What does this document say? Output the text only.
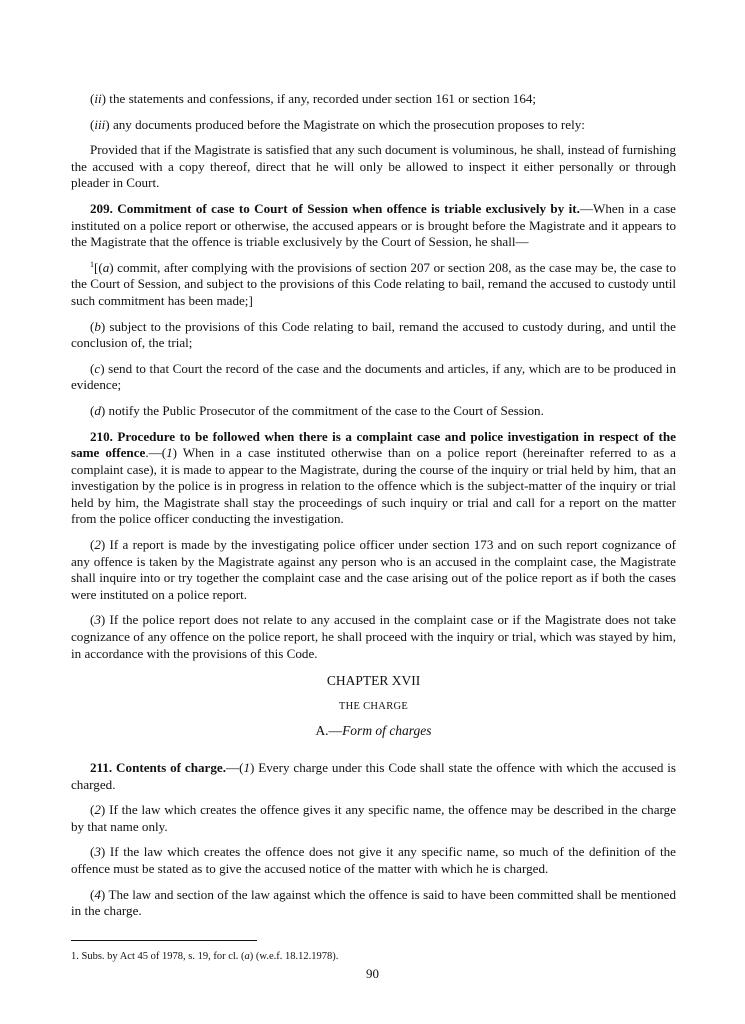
(ii) the statements and confessions, if any, recorded under section 161 or section 164;

(iii) any documents produced before the Magistrate on which the prosecution proposes to rely:

Provided that if the Magistrate is satisfied that any such document is voluminous, he shall, instead of furnishing the accused with a copy thereof, direct that he will only be allowed to inspect it either personally or through pleader in Court.

209. Commitment of case to Court of Session when offence is triable exclusively by it.—When in a case instituted on a police report or otherwise, the accused appears or is brought before the Magistrate and it appears to the Magistrate that the offence is triable exclusively by the Court of Session, he shall—

$^1$[(a) commit, after complying with the provisions of section 207 or section 208, as the case may be, the case to the Court of Session, and subject to the provisions of this Code relating to bail, remand the accused to custody until such commitment has been made;]

(b) subject to the provisions of this Code relating to bail, remand the accused to custody during, and until the conclusion of, the trial;

(c) send to that Court the record of the case and the documents and articles, if any, which are to be produced in evidence;

(d) notify the Public Prosecutor of the commitment of the case to the Court of Session.

210. Procedure to be followed when there is a complaint case and police investigation in respect of the same offence.—(1) When in a case instituted otherwise than on a police report (hereinafter referred to as a complaint case), it is made to appear to the Magistrate, during the course of the inquiry or trial held by him, that an investigation by the police is in progress in relation to the offence which is the subject-matter of the inquiry or trial held by him, the Magistrate shall stay the proceedings of such inquiry or trial and call for a report on the matter from the police officer conducting the investigation.

(2) If a report is made by the investigating police officer under section 173 and on such report cognizance of any offence is taken by the Magistrate against any person who is an accused in the complaint case, the Magistrate shall inquire into or try together the complaint case and the case arising out of the police report as if both the cases were instituted on a police report.

(3) If the police report does not relate to any accused in the complaint case or if the Magistrate does not take cognizance of any offence on the police report, he shall proceed with the inquiry or trial, which was stayed by him, in accordance with the provisions of this Code.

CHAPTER XVII
THE CHARGE
A.—Form of charges

211. Contents of charge.—(1) Every charge under this Code shall state the offence with which the accused is charged.

(2) If the law which creates the offence gives it any specific name, the offence may be described in the charge by that name only.

(3) If the law which creates the offence does not give it any specific name, so much of the definition of the offence must be stated as to give the accused notice of the matter with which he is charged.

(4) The law and section of the law against which the offence is said to have been committed shall be mentioned in the charge.

1. Subs. by Act 45 of 1978, s. 19, for cl. (a) (w.e.f. 18.12.1978).
90
